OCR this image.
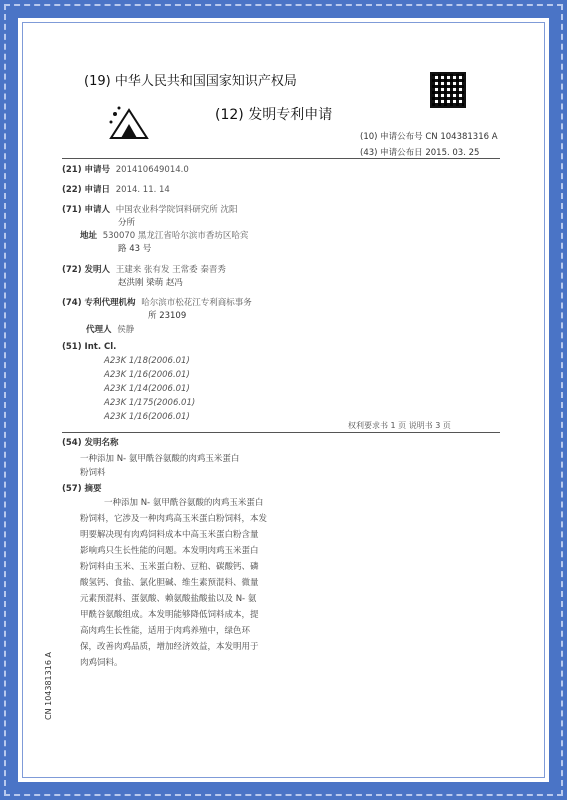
(19) 中华人民共和国国家知识产权局
(12) 发明专利申请
(10) 申请公布号 CN 104381316 A
(43) 申请公布日 2015. 03. 25
(21) 申请号 201410649014.0
(22) 申请日 2014. 11. 14
(71) 申请人 中国农业科学院饲料研究所 沈阳
分所
地址 530070 黑龙江省哈尔滨市香坊区哈宾
路 43 号
(72) 发明人 王建来 张有发 王常委 秦晋秀
赵洪刚 梁萌 赵冯
(74) 专利代理机构 哈尔滨市松花江专利商标事务
所 23109
代理人 侯静
(51) Int. Cl.
A23K 1/18(2006.01)
A23K 1/16(2006.01)
A23K 1/14(2006.01)
A23K 1/175(2006.01)
A23K 1/16(2006.01)
权利要求书 1 页 说明书 3 页
(54) 发明名称
一种添加 N- 氨甲酰谷氨酸的肉鸡玉米蛋白
粉饲料
(57) 摘要
一种添加 N- 氨甲酰谷氨酸的肉鸡玉米蛋白
粉饲料，它涉及一种肉鸡高玉米蛋白粉饲料，本发
明要解决现有肉鸡饲料成本中高玉米蛋白粉含量
影响鸡只生长性能的问题。本发明肉鸡玉米蛋白
粉饲料由玉米、玉米蛋白粉、豆粕、碳酸钙、磷
酸氢钙、食盐、氯化胆碱、维生素预混料、微量
元素预混料、蛋氨酸、赖氨酸盐酸盐以及 N- 氨
甲酰谷氨酸组成。本发明能够降低饲料成本，提
高肉鸡生长性能，适用于肉鸡养殖中，绿色环
保，改善肉鸡品质，增加经济效益，本发明用于
肉鸡饲料。
CN 104381316 A
